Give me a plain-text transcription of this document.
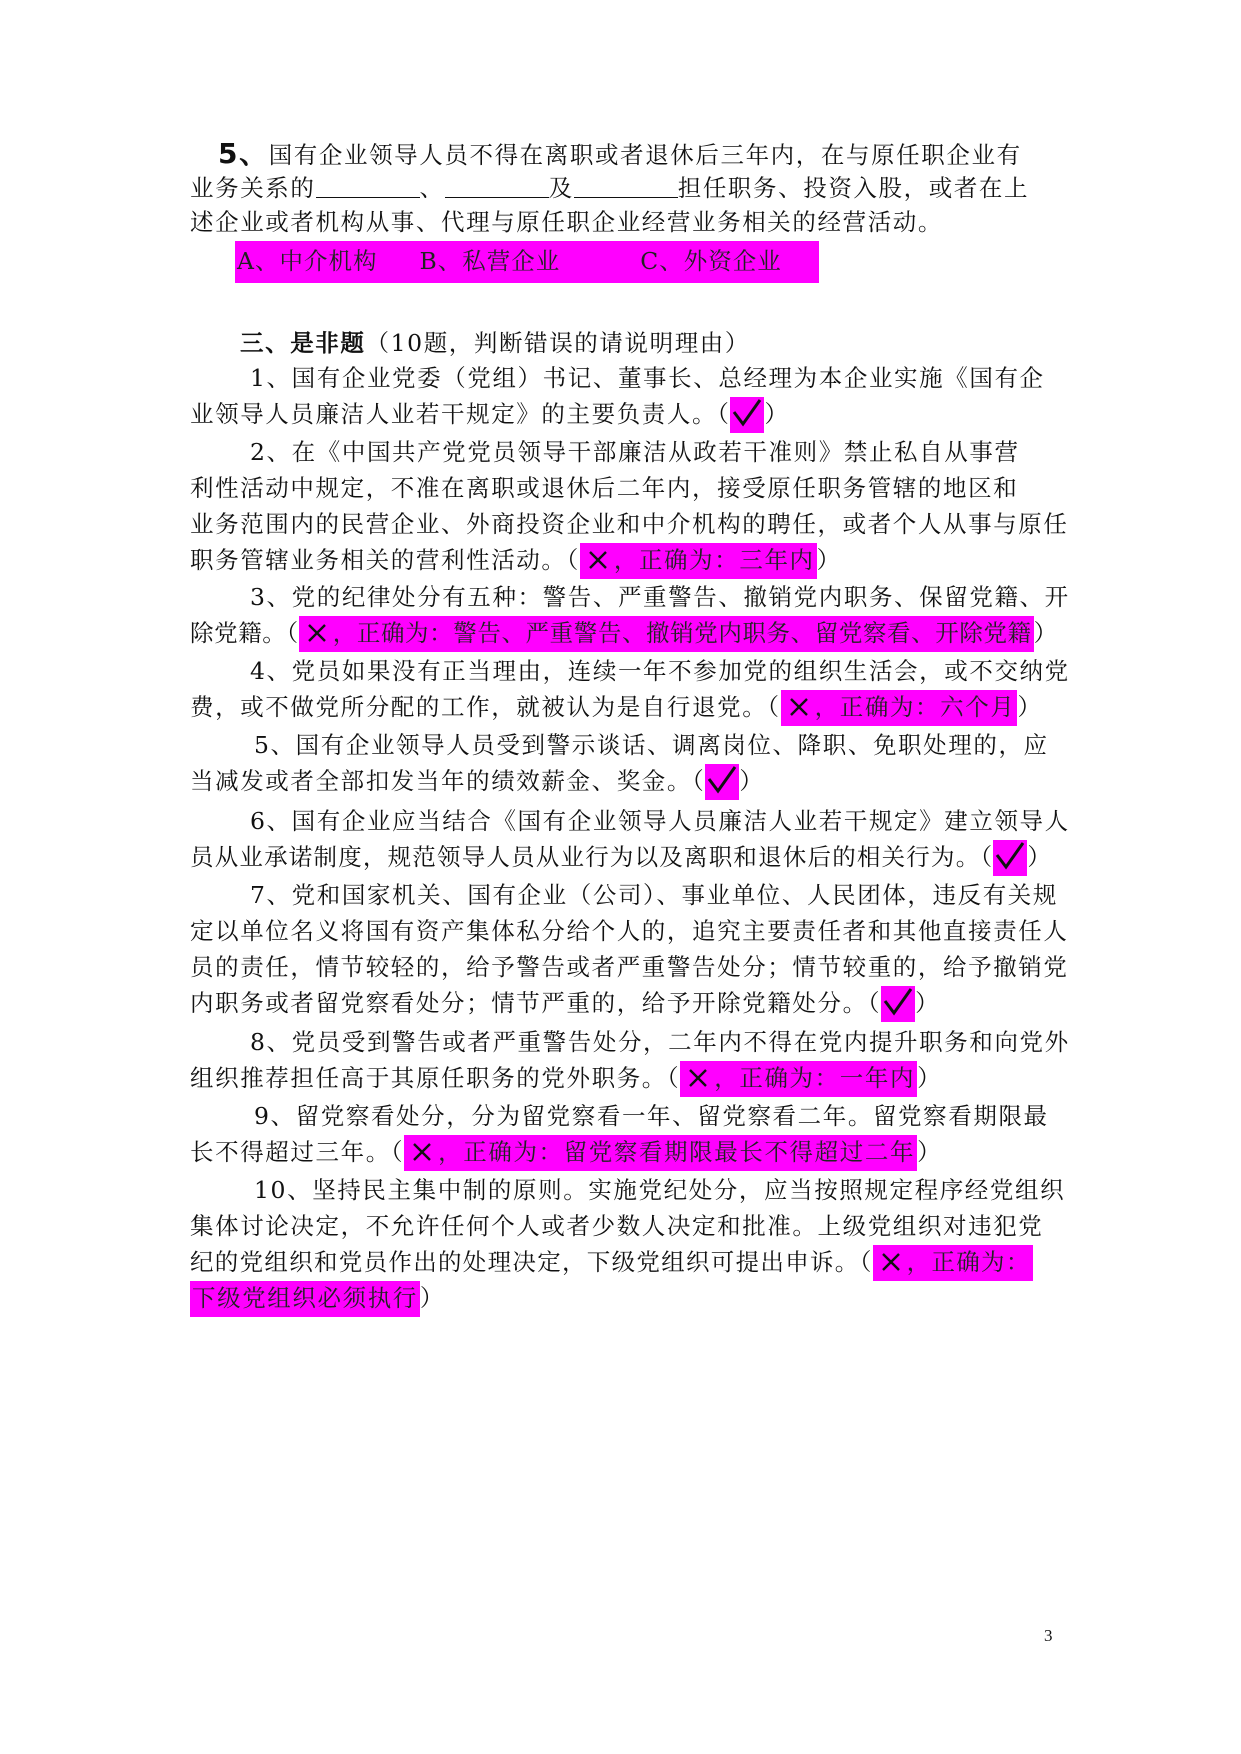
5、国有企业领导人员不得在离职或者退休后三年内，在与原任职企业有
业务关系的	、	及	担任职务、投资入股，或者在上
述企业或者机构从事、代理与原任职企业经营业务相关的经营活动。
A、中介机构 B、私营企业	C、外资企业
三、是非题（10题，判断错误的请说明理由）
1、国有企业党委（党组）书记、董事长、总经理为本企业实施《国有企
业领导人员廉洁人业若干规定》的主要负责人。（ ）
2、在《中国共产党党员领导干部廉洁从政若干准则》禁止私自从事营
利性活动中规定，不准在离职或退休后二年内，接受原任职务管辖的地区和
业务范围内的民营企业、外商投资企业和中介机构的聘任，或者个人从事与原任
职务管辖业务相关的营利性活动。（ ，正确为：三年内）
3、党的纪律处分有五种：警告、严重警告、撤销党内职务、保留党籍、开
除党籍。（ ，正确为：警告、严重警告、撤销党内职务、留党察看、开除党籍）
4、党员如果没有正当理由，连续一年不参加党的组织生活会，或不交纳党
费，或不做党所分配的工作，就被认为是自行退党。（ ，正确为：六个月）
5、国有企业领导人员受到警示谈话、调离岗位、降职、免职处理的，应
当减发或者全部扣发当年的绩效薪金、奖金。（ ）
6、国有企业应当结合《国有企业领导人员廉洁人业若干规定》建立领导人
员从业承诺制度，规范领导人员从业行为以及离职和退休后的相关行为。（ ）
7、党和国家机关、国有企业（公司）、事业单位、人民团体，违反有关规
定以单位名义将国有资产集体私分给个人的，追究主要责任者和其他直接责任人
员的责任，情节较轻的，给予警告或者严重警告处分；情节较重的，给予撤销党
内职务或者留党察看处分；情节严重的，给予开除党籍处分。（ ）
8、党员受到警告或者严重警告处分，二年内不得在党内提升职务和向党外
组织推荐担任高于其原任职务的党外职务。（ ，正确为：一年内）
9、留党察看处分，分为留党察看一年、留党察看二年。留党察看期限最
长不得超过三年。（ ，正确为：留党察看期限最长不得超过二年）
10、坚持民主集中制的原则。实施党纪处分，应当按照规定程序经党组织
集体讨论决定，不允许任何个人或者少数人决定和批准。上级党组织对违犯党
纪的党组织和党员作出的处理决定，下级党组织可提出申诉。（ ，正确为：
下级党组织必须执行）
3
